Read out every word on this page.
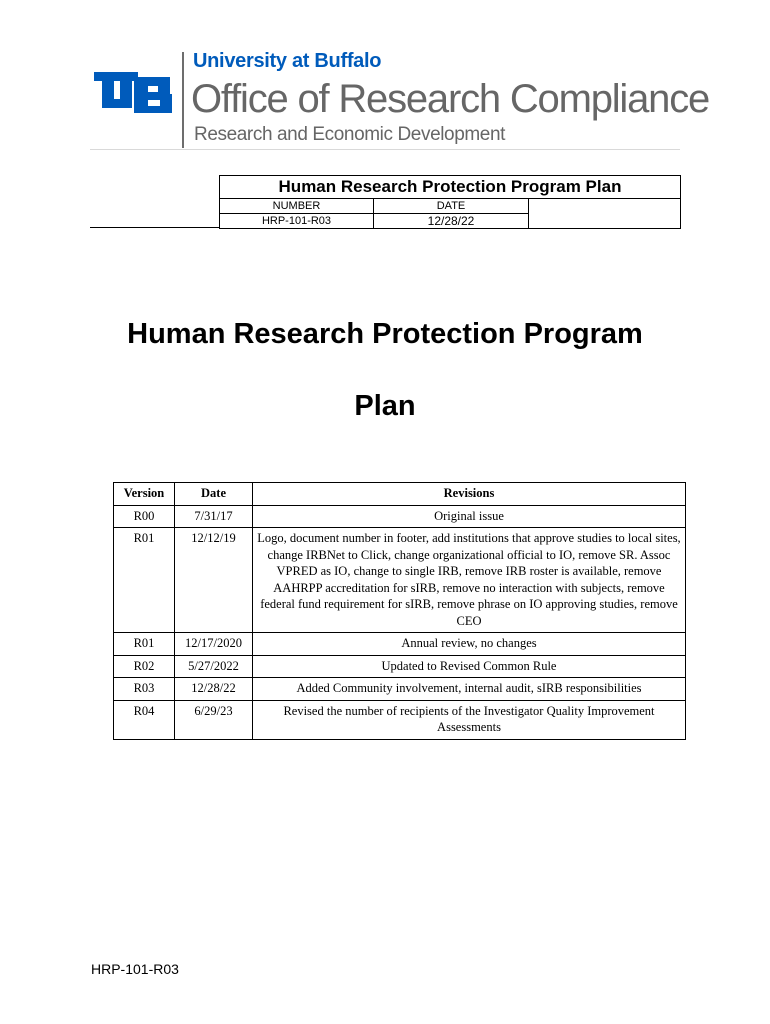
University at Buffalo
Office of Research Compliance
Research and Economic Development
Human Research Protection Program Plan		
NUMBER	DATE	
HRP-101-R03	12/28/22	
Human Research Protection Program
Plan
Version	Date	Revisions
R00	7/31/17	Original issue
R01	12/12/19	Logo, document number in footer, add institutions that approve studies to local sites, change IRBNet to Click, change organizational official to IO, remove SR. Assoc VPRED as IO, change to single IRB, remove IRB roster is available, remove AAHRPP accreditation for sIRB, remove no interaction with subjects, remove federal fund requirement for sIRB, remove phrase on IO approving studies, remove CEO
R01	12/17/2020	Annual review, no changes
R02	5/27/2022	Updated to Revised Common Rule
R03	12/28/22	Added Community involvement, internal audit, sIRB responsibilities
R04	6/29/23	Revised the number of recipients of the Investigator Quality Improvement Assessments
HRP-101-R03
